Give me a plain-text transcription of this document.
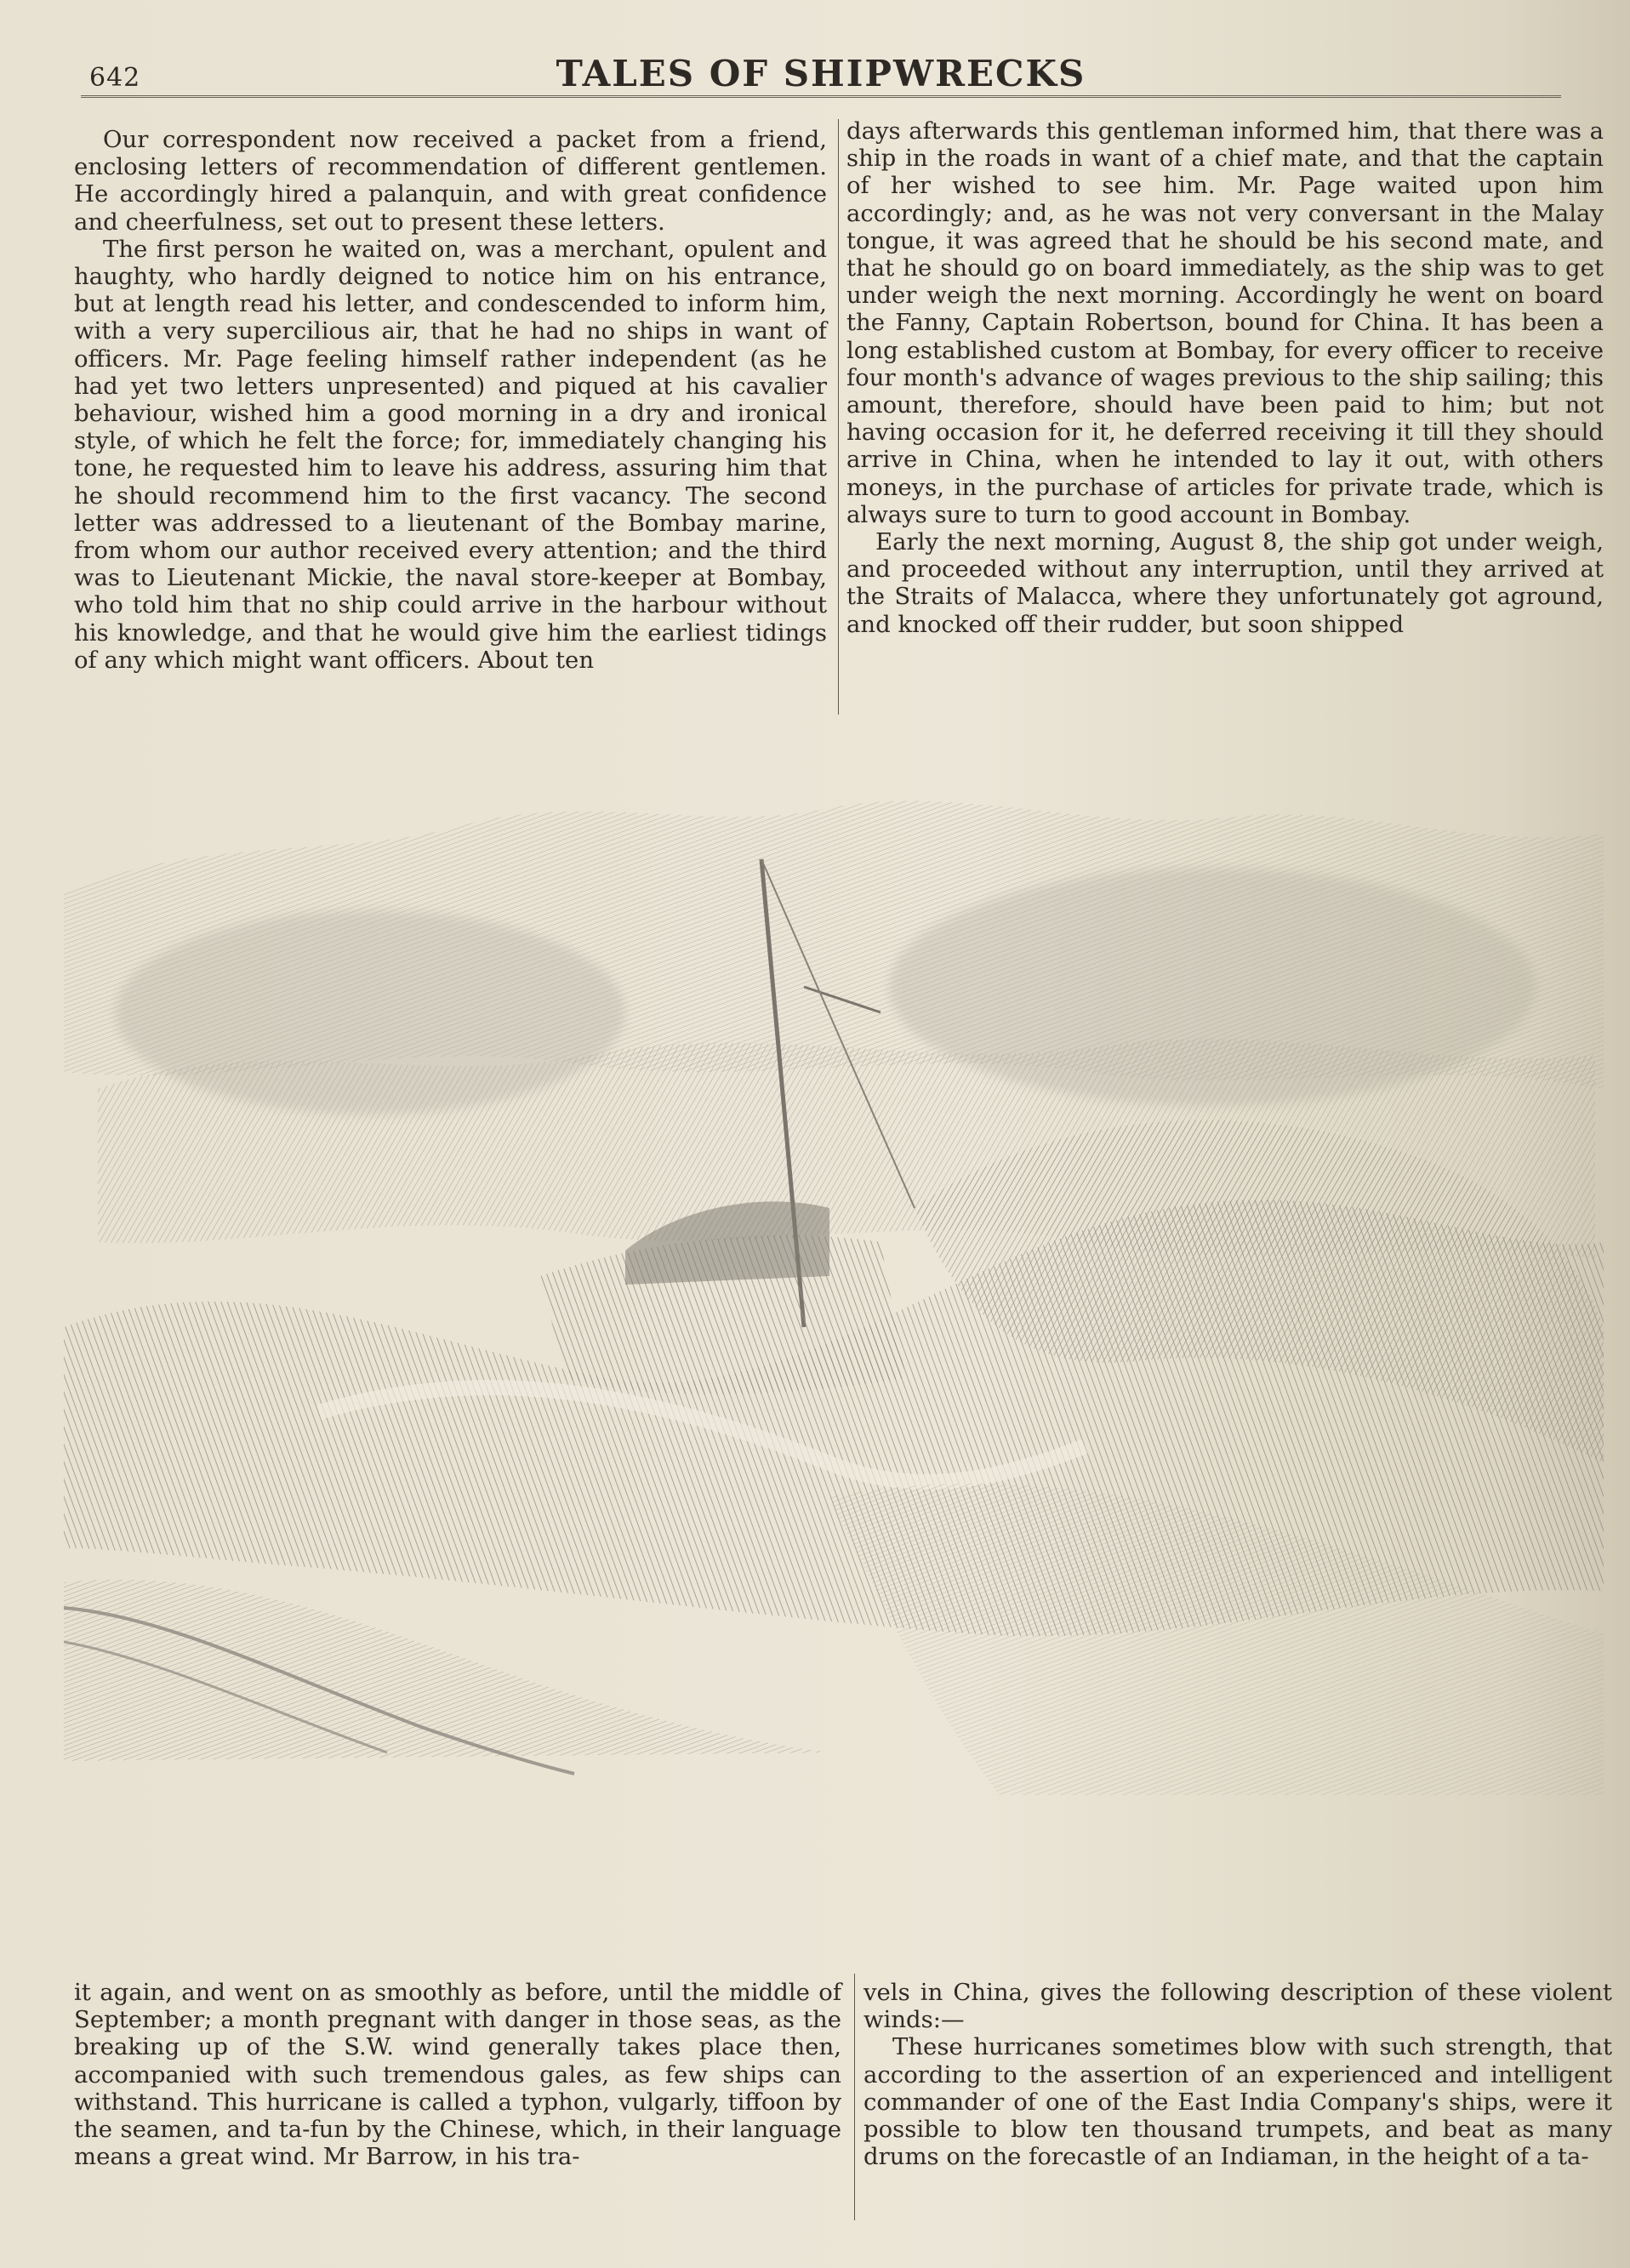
642	TALES OF SHIPWRECKS

Our correspondent now received a packet from a friend, enclosing letters of recommendation of different gentlemen. He accordingly hired a palanquin, and with great confidence and cheerfulness, set out to present these letters.

The first person he waited on, was a merchant, opulent and haughty, who hardly deigned to notice him on his entrance, but at length read his letter, and condescended to inform him, with a very supercilious air, that he had no ships in want of officers. Mr. Page feeling himself rather independent (as he had yet two letters unpresented) and piqued at his cavalier behaviour, wished him a good morning in a dry and ironical style, of which he felt the force; for, immediately changing his tone, he requested him to leave his address, assuring him that he should recommend him to the first vacancy. The second letter was addressed to a lieutenant of the Bombay marine, from whom our author received every attention; and the third was to Lieutenant Mickie, the naval store-keeper at Bombay, who told him that no ship could arrive in the harbour without his knowledge, and that he would give him the earliest tidings of any which might want officers. About ten

days afterwards this gentleman informed him, that there was a ship in the roads in want of a chief mate, and that the captain of her wished to see him. Mr. Page waited upon him accordingly; and, as he was not very conversant in the Malay tongue, it was agreed that he should be his second mate, and that he should go on board immediately, as the ship was to get under weigh the next morning. Accordingly he went on board the Fanny, Captain Robertson, bound for China. It has been a long established custom at Bombay, for every officer to receive four month's advance of wages previous to the ship sailing; this amount, therefore, should have been paid to him; but not having occasion for it, he deferred receiving it till they should arrive in China, when he intended to lay it out, with others moneys, in the purchase of articles for private trade, which is always sure to turn to good account in Bombay.

Early the next morning, August 8, the ship got under weigh, and proceeded without any interruption, until they arrived at the Straits of Malacca, where they unfortunately got aground, and knocked off their rudder, but soon shipped

it again, and went on as smoothly as before, until the middle of September; a month pregnant with danger in those seas, as the breaking up of the S.W. wind generally takes place then, accompanied with such tremendous gales, as few ships can withstand. This hurricane is called a typhon, vulgarly, tiffoon by the seamen, and ta-fun by the Chinese, which, in their language means a great wind. Mr Barrow, in his tra-

vels in China, gives the following description of these violent winds:—

These hurricanes sometimes blow with such strength, that according to the assertion of an experienced and intelligent commander of one of the East India Company's ships, were it possible to blow ten thousand trumpets, and beat as many drums on the forecastle of an Indiaman, in the height of a ta-
